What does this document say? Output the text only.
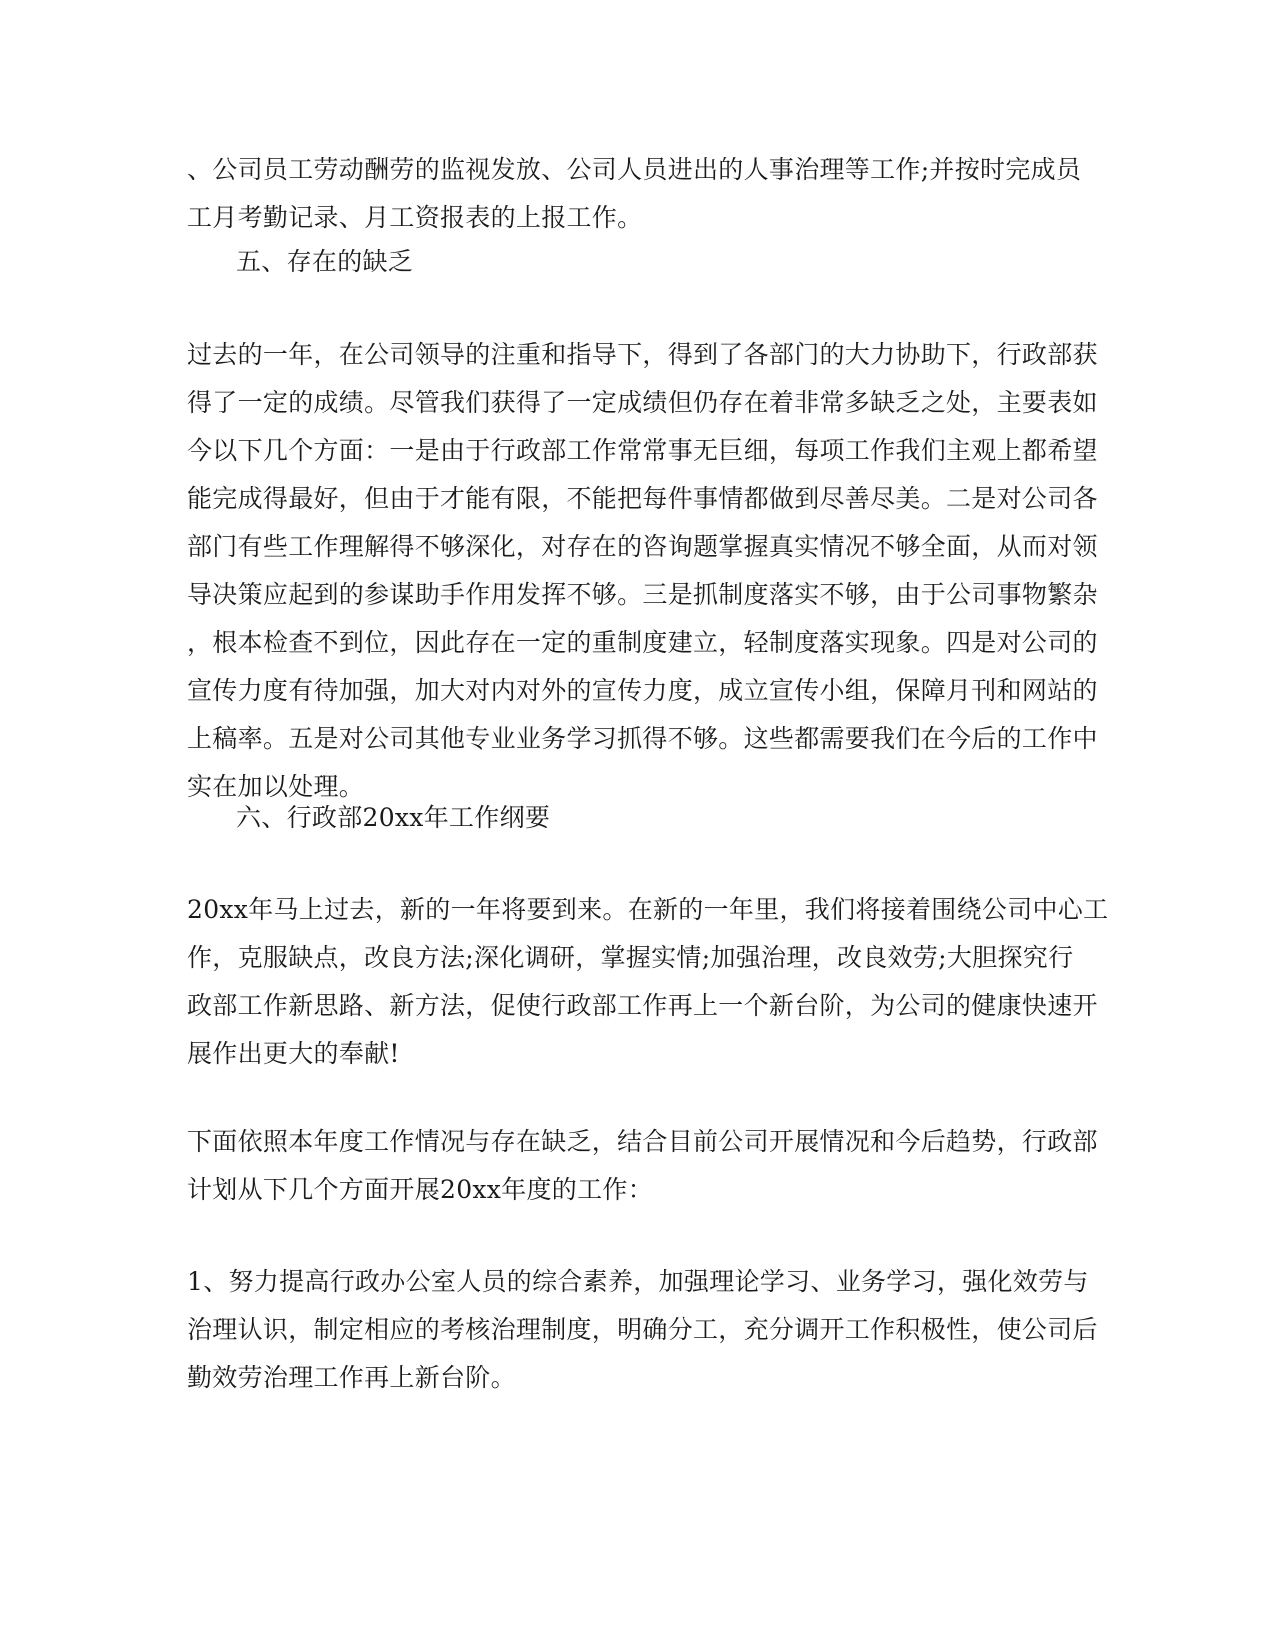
、公司员工劳动酬劳的监视发放、公司人员进出的人事治理等工作;并按时完成员
工月考勤记录、月工资报表的上报工作。

五、存在的缺乏

过去的一年，在公司领导的注重和指导下，得到了各部门的大力协助下，行政部获
得了一定的成绩。尽管我们获得了一定成绩但仍存在着非常多缺乏之处，主要表如
今以下几个方面：一是由于行政部工作常常事无巨细，每项工作我们主观上都希望
能完成得最好，但由于才能有限，不能把每件事情都做到尽善尽美。二是对公司各
部门有些工作理解得不够深化，对存在的咨询题掌握真实情况不够全面，从而对领
导决策应起到的参谋助手作用发挥不够。三是抓制度落实不够，由于公司事物繁杂
，根本检查不到位，因此存在一定的重制度建立，轻制度落实现象。四是对公司的
宣传力度有待加强，加大对内对外的宣传力度，成立宣传小组，保障月刊和网站的
上稿率。五是对公司其他专业业务学习抓得不够。这些都需要我们在今后的工作中
实在加以处理。

六、行政部20xx年工作纲要

20xx年马上过去，新的一年将要到来。在新的一年里，我们将接着围绕公司中心工
作，克服缺点，改良方法;深化调研，掌握实情;加强治理，改良效劳;大胆探究行
政部工作新思路、新方法，促使行政部工作再上一个新台阶，为公司的健康快速开
展作出更大的奉献!

下面依照本年度工作情况与存在缺乏，结合目前公司开展情况和今后趋势，行政部
计划从下几个方面开展20xx年度的工作：

1、努力提高行政办公室人员的综合素养，加强理论学习、业务学习，强化效劳与
治理认识，制定相应的考核治理制度，明确分工，充分调开工作积极性，使公司后
勤效劳治理工作再上新台阶。
